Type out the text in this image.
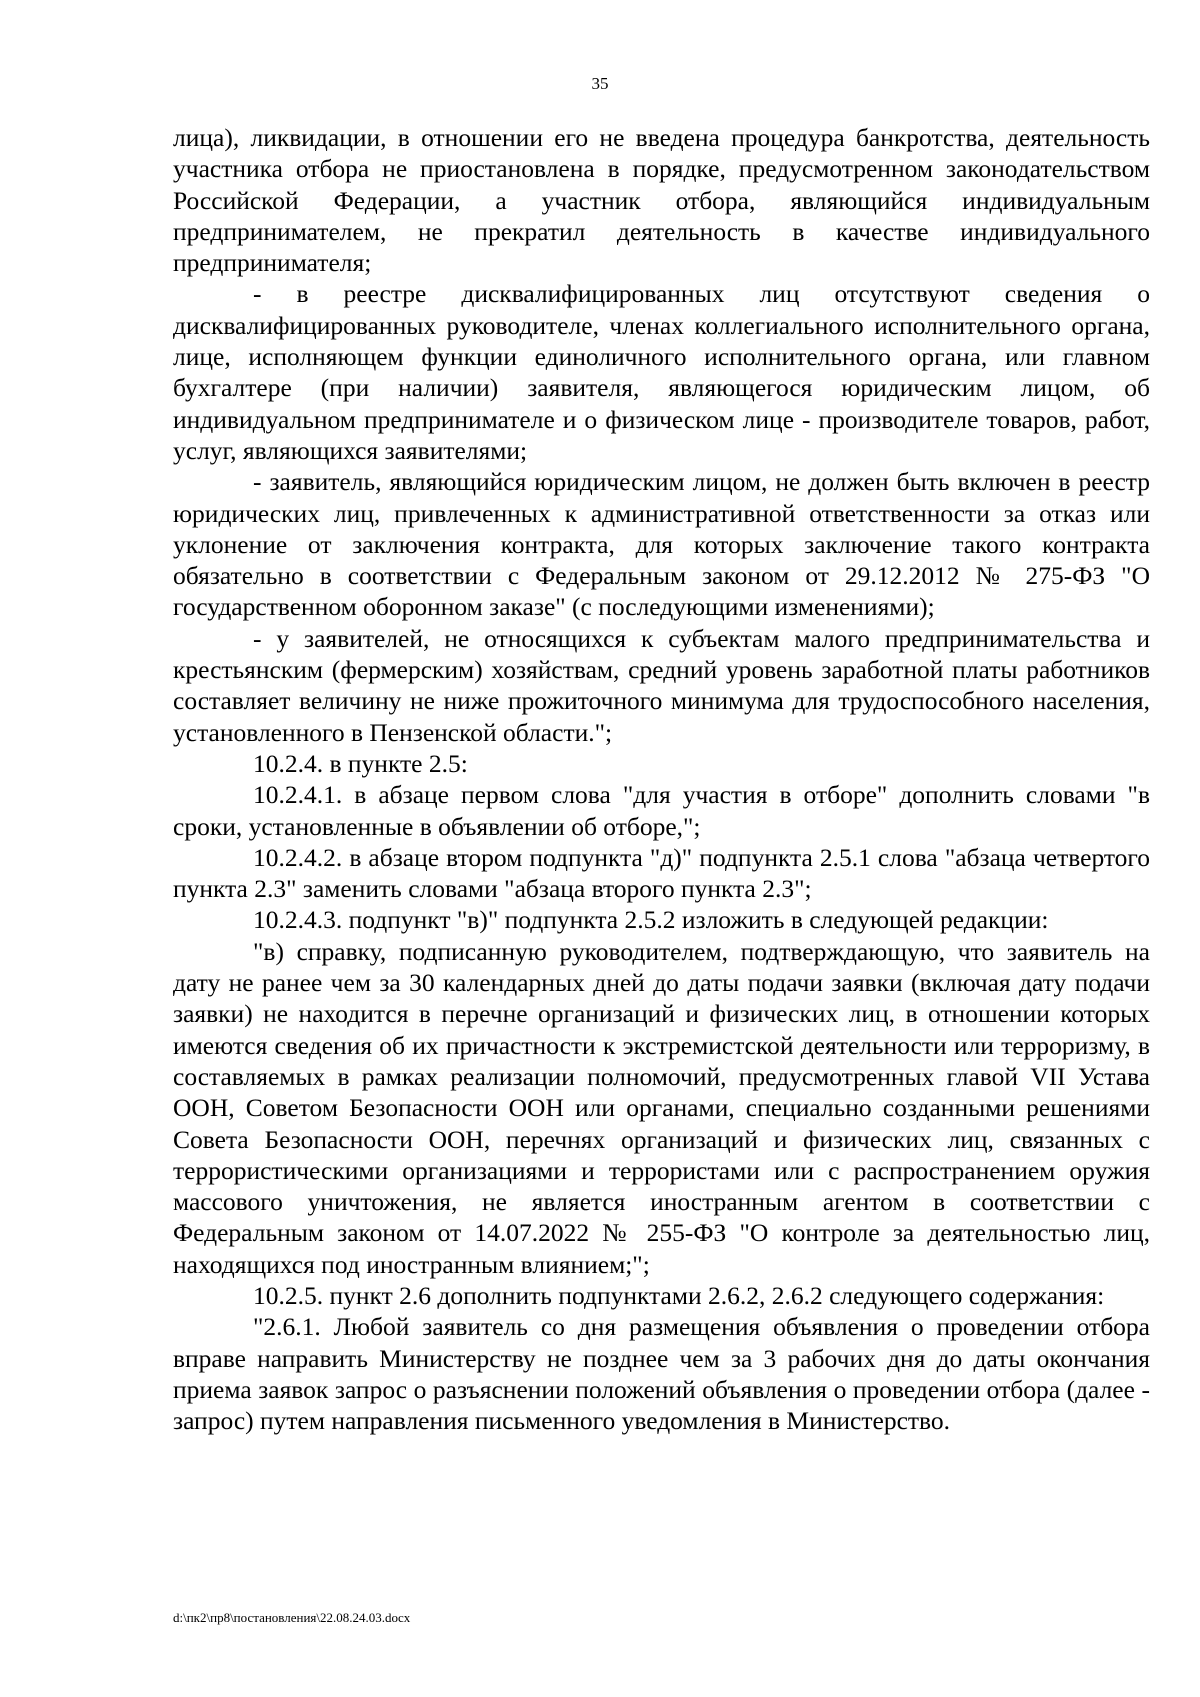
35

лица), ликвидации, в отношении его не введена процедура банкротства, деятельность участника отбора не приостановлена в порядке, предусмотренном законодательством Российской Федерации, а участник отбора, являющийся индивидуальным предпринимателем, не прекратил деятельность в качестве индивидуального предпринимателя;

- в реестре дисквалифицированных лиц отсутствуют сведения о дисквалифицированных руководителе, членах коллегиального исполнительного органа, лице, исполняющем функции единоличного исполнительного органа, или главном бухгалтере (при наличии) заявителя, являющегося юридическим лицом, об индивидуальном предпринимателе и о физическом лице - производителе товаров, работ, услуг, являющихся заявителями;

- заявитель, являющийся юридическим лицом, не должен быть включен в реестр юридических лиц, привлеченных к административной ответственности за отказ или уклонение от заключения контракта, для которых заключение такого контракта обязательно в соответствии с Федеральным законом от 29.12.2012 № 275-ФЗ "О государственном оборонном заказе" (с последующими изменениями);

- у заявителей, не относящихся к субъектам малого предпринимательства и крестьянским (фермерским) хозяйствам, средний уровень заработной платы работников составляет величину не ниже прожиточного минимума для трудоспособного населения, установленного в Пензенской области.";

10.2.4. в пункте 2.5:

10.2.4.1. в абзаце первом слова "для участия в отборе" дополнить словами "в сроки, установленные в объявлении об отборе,";

10.2.4.2. в абзаце втором подпункта "д)" подпункта 2.5.1 слова "абзаца четвертого пункта 2.3" заменить словами "абзаца второго пункта 2.3";

10.2.4.3. подпункт "в)" подпункта 2.5.2 изложить в следующей редакции:

"в) справку, подписанную руководителем, подтверждающую, что заявитель на дату не ранее чем за 30 календарных дней до даты подачи заявки (включая дату подачи заявки) не находится в перечне организаций и физических лиц, в отношении которых имеются сведения об их причастности к экстремистской деятельности или терроризму, в составляемых в рамках реализации полномочий, предусмотренных главой VII Устава ООН, Советом Безопасности ООН или органами, специально созданными решениями Совета Безопасности ООН, перечнях организаций и физических лиц, связанных с террористическими организациями и террористами или с распространением оружия массового уничтожения, не является иностранным агентом в соответствии с Федеральным законом от 14.07.2022 № 255-ФЗ "О контроле за деятельностью лиц, находящихся под иностранным влиянием;";

10.2.5. пункт 2.6 дополнить подпунктами 2.6.2, 2.6.2 следующего содержания:

"2.6.1. Любой заявитель со дня размещения объявления о проведении отбора вправе направить Министерству не позднее чем за 3 рабочих дня до даты окончания приема заявок запрос о разъяснении положений объявления о проведении отбора (далее - запрос) путем направления письменного уведомления в Министерство.

d:\пк2\пр8\постановления\22.08.24.03.docx
